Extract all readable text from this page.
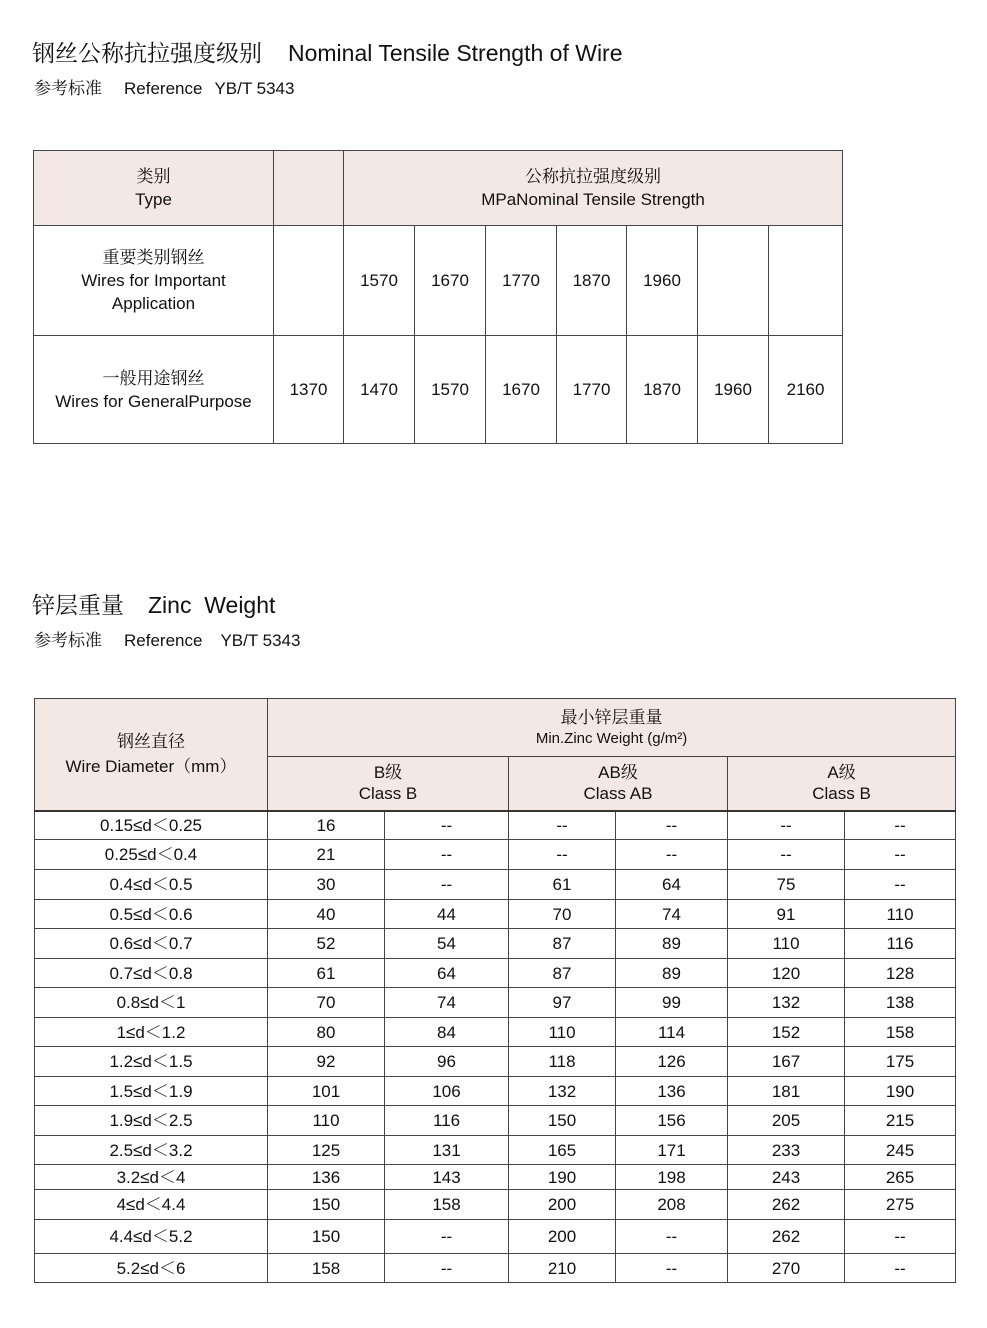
钢丝公称抗拉强度级别 Nominal Tensile Strength of Wire
参考标准 Reference YB/T 5343
类别
Type		公称抗拉强度级别
MPaNominal Tensile Strength						

重要类别钢丝
Wires for Important
Application		1570	1670	1770	1870	1960		

一般用途钢丝
Wires for GeneralPurpose	1370	1470	1570	1670	1770	1870	1960	2160
锌层重量 Zinc  Weight
参考标准 Reference YB/T 5343
钢丝直径
Wire Diameter（mm）	最小锌层重量
Min.Zinc Weight (g/m²)					

	B级
Class B		AB级
Class AB		A级
Class B	

0.15≤d＜0.25	16	--	--	--	--	--
0.25≤d＜0.4	21	--	--	--	--	--
0.4≤d＜0.5	30	--	61	64	75	--
0.5≤d＜0.6	40	44	70	74	91	110
0.6≤d＜0.7	52	54	87	89	110	116
0.7≤d＜0.8	61	64	87	89	120	128
0.8≤d＜1	70	74	97	99	132	138
1≤d＜1.2	80	84	110	114	152	158
1.2≤d＜1.5	92	96	118	126	167	175
1.5≤d＜1.9	101	106	132	136	181	190
1.9≤d＜2.5	110	116	150	156	205	215
2.5≤d＜3.2	125	131	165	171	233	245
3.2≤d＜4	136	143	190	198	243	265
4≤d＜4.4	150	158	200	208	262	275
4.4≤d＜5.2	150	--	200	--	262	--
5.2≤d＜6	158	--	210	--	270	--
